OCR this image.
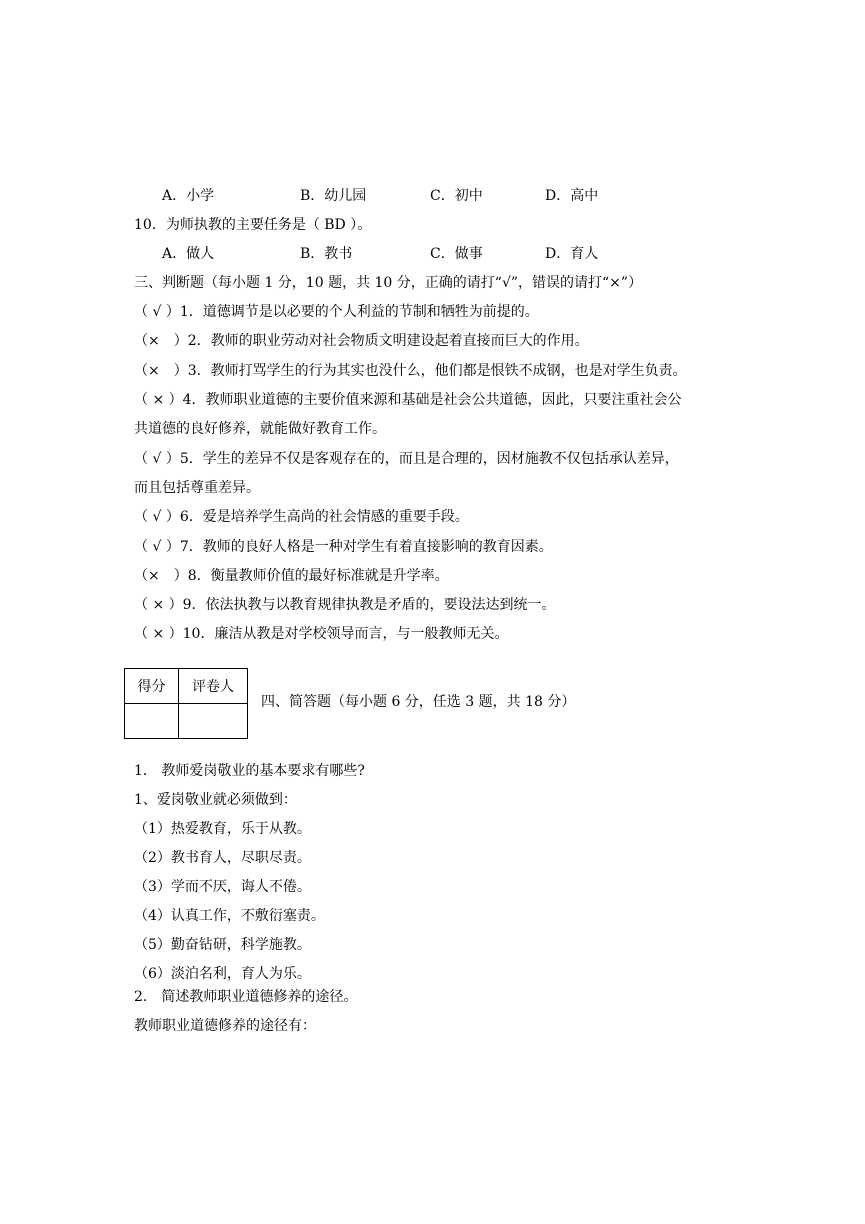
A．小学	B．幼儿园	C．初中	D．高中
10．为师执教的主要任务是（ BD ）。
A．做人	B．教书	C．做事	D．育人
三、判断题（每小题 1 分，10 题，共 10 分，正确的请打“√”，错误的请打“×”）
（ √ ）1．道德调节是以必要的个人利益的节制和牺牲为前提的。
（×　）2．教师的职业劳动对社会物质文明建设起着直接而巨大的作用。
（×　）3．教师打骂学生的行为其实也没什么，他们都是恨铁不成钢，也是对学生负责。
（ × ）4．教师职业道德的主要价值来源和基础是社会公共道德，因此，只要注重社会公
共道德的良好修养，就能做好教育工作。
（ √ ）5．学生的差异不仅是客观存在的，而且是合理的，因材施教不仅包括承认差异，
而且包括尊重差异。
（ √ ）6．爱是培养学生高尚的社会情感的重要手段。
（ √ ）7．教师的良好人格是一种对学生有着直接影响的教育因素。
（×　）8．衡量教师价值的最好标准就是升学率。
（ × ）9．依法执教与以教育规律执教是矛盾的，要设法达到统一。
（ × ）10．廉洁从教是对学校领导而言，与一般教师无关。
得分	评卷人

四、简答题（每小题 6 分，任选 3 题，共 18 分）
1． 教师爱岗敬业的基本要求有哪些?
1、爱岗敬业就必须做到：
（1）热爱教育，乐于从教。
（2）教书育人，尽职尽责。
（3）学而不厌，诲人不倦。
（4）认真工作，不敷衍塞责。
（5）勤奋钻研，科学施教。
（6）淡泊名利，育人为乐。
2． 简述教师职业道德修养的途径。
教师职业道德修养的途径有：
